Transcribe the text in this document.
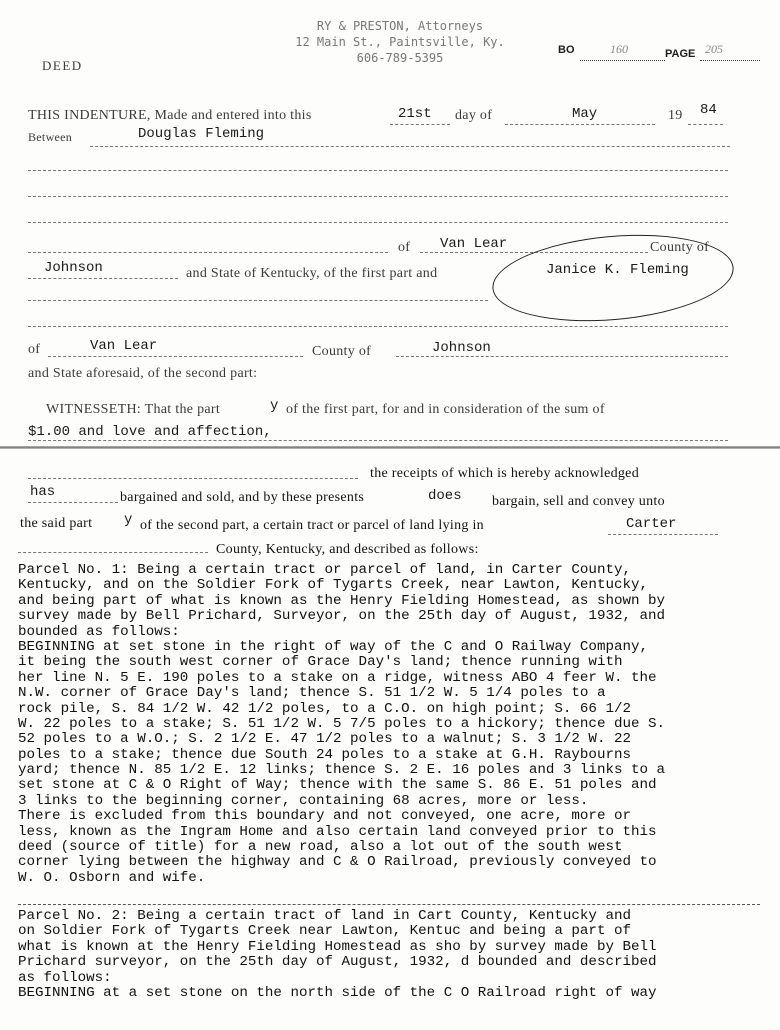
RY & PRESTON, Attorneys
12 Main St., Paintsville, Ky.
606-789-5395
DEED
BO	160	PAGE 205
THIS INDENTURE, Made and entered into this	21st day of	May	19 84
Between	Douglas Fleming
of Van Lear	County of
Johnson	and State of Kentucky, of the first part and	Janice K. Fleming
of	Van Lear	County of	Johnson
and State aforesaid, of the second part:
WITNESSETH: That the part	y of the first part, for and in consideration of the sum of
$1.00 and love and affection,
the receipts of which is hereby acknowledged
has	bargained and sold, and by these presents	does bargain, sell and convey unto
the said part y of the second part, a certain tract or parcel of land lying in	Carter
County, Kentucky, and described as follows:
Parcel No. 1: Being a certain tract or parcel of land, in Carter County,
Kentucky, and on the Soldier Fork of Tygarts Creek, near Lawton, Kentucky,
and being part of what is known as the Henry Fielding Homestead, as shown by
survey made by Bell Prichard, Surveyor, on the 25th day of August, 1932, and
bounded as follows:
BEGINNING at set stone in the right of way of the C and O Railway Company,
it being the south west corner of Grace Day's land; thence running with
her line N. 5 E. 190 poles to a stake on a ridge, witness ABO 4 feer W. the
N.W. corner of Grace Day's land; thence S. 51 1/2 W. 5 1/4 poles to a
rock pile, S. 84 1/2 W. 42 1/2 poles, to a C.O. on high point; S. 66 1/2
W. 22 poles to a stake; S. 51 1/2 W. 5 7/5 poles to a hickory; thence due S.
52 poles to a W.O.; S. 2 1/2 E. 47 1/2 poles to a walnut; S. 3 1/2 W. 22
poles to a stake; thence due South 24 poles to a stake at G.H. Raybourns
yard; thence N. 85 1/2 E. 12 links; thence S. 2 E. 16 poles and 3 links to a
set stone at C & O Right of Way; thence with the same S. 86 E. 51 poles and
3 links to the beginning corner, containing 68 acres, more or less.
There is excluded from this boundary and not conveyed, one acre, more or
less, known as the Ingram Home and also certain land conveyed prior to this
deed (source of title) for a new road, also a lot out of the south west
corner lying between the highway and C & O Railroad, previously conveyed to
W. O. Osborn and wife.
Parcel No. 2: Being a certain tract of land in Cart County, Kentucky and
on Soldier Fork of Tygarts Creek near Lawton, Kentuc and being a part of
what is known at the Henry Fielding Homestead as sho by survey made by Bell
Prichard surveyor, on the 25th day of August, 1932, d bounded and described
as follows:
BEGINNING at a set stone on the north side of the C O Railroad right of way
